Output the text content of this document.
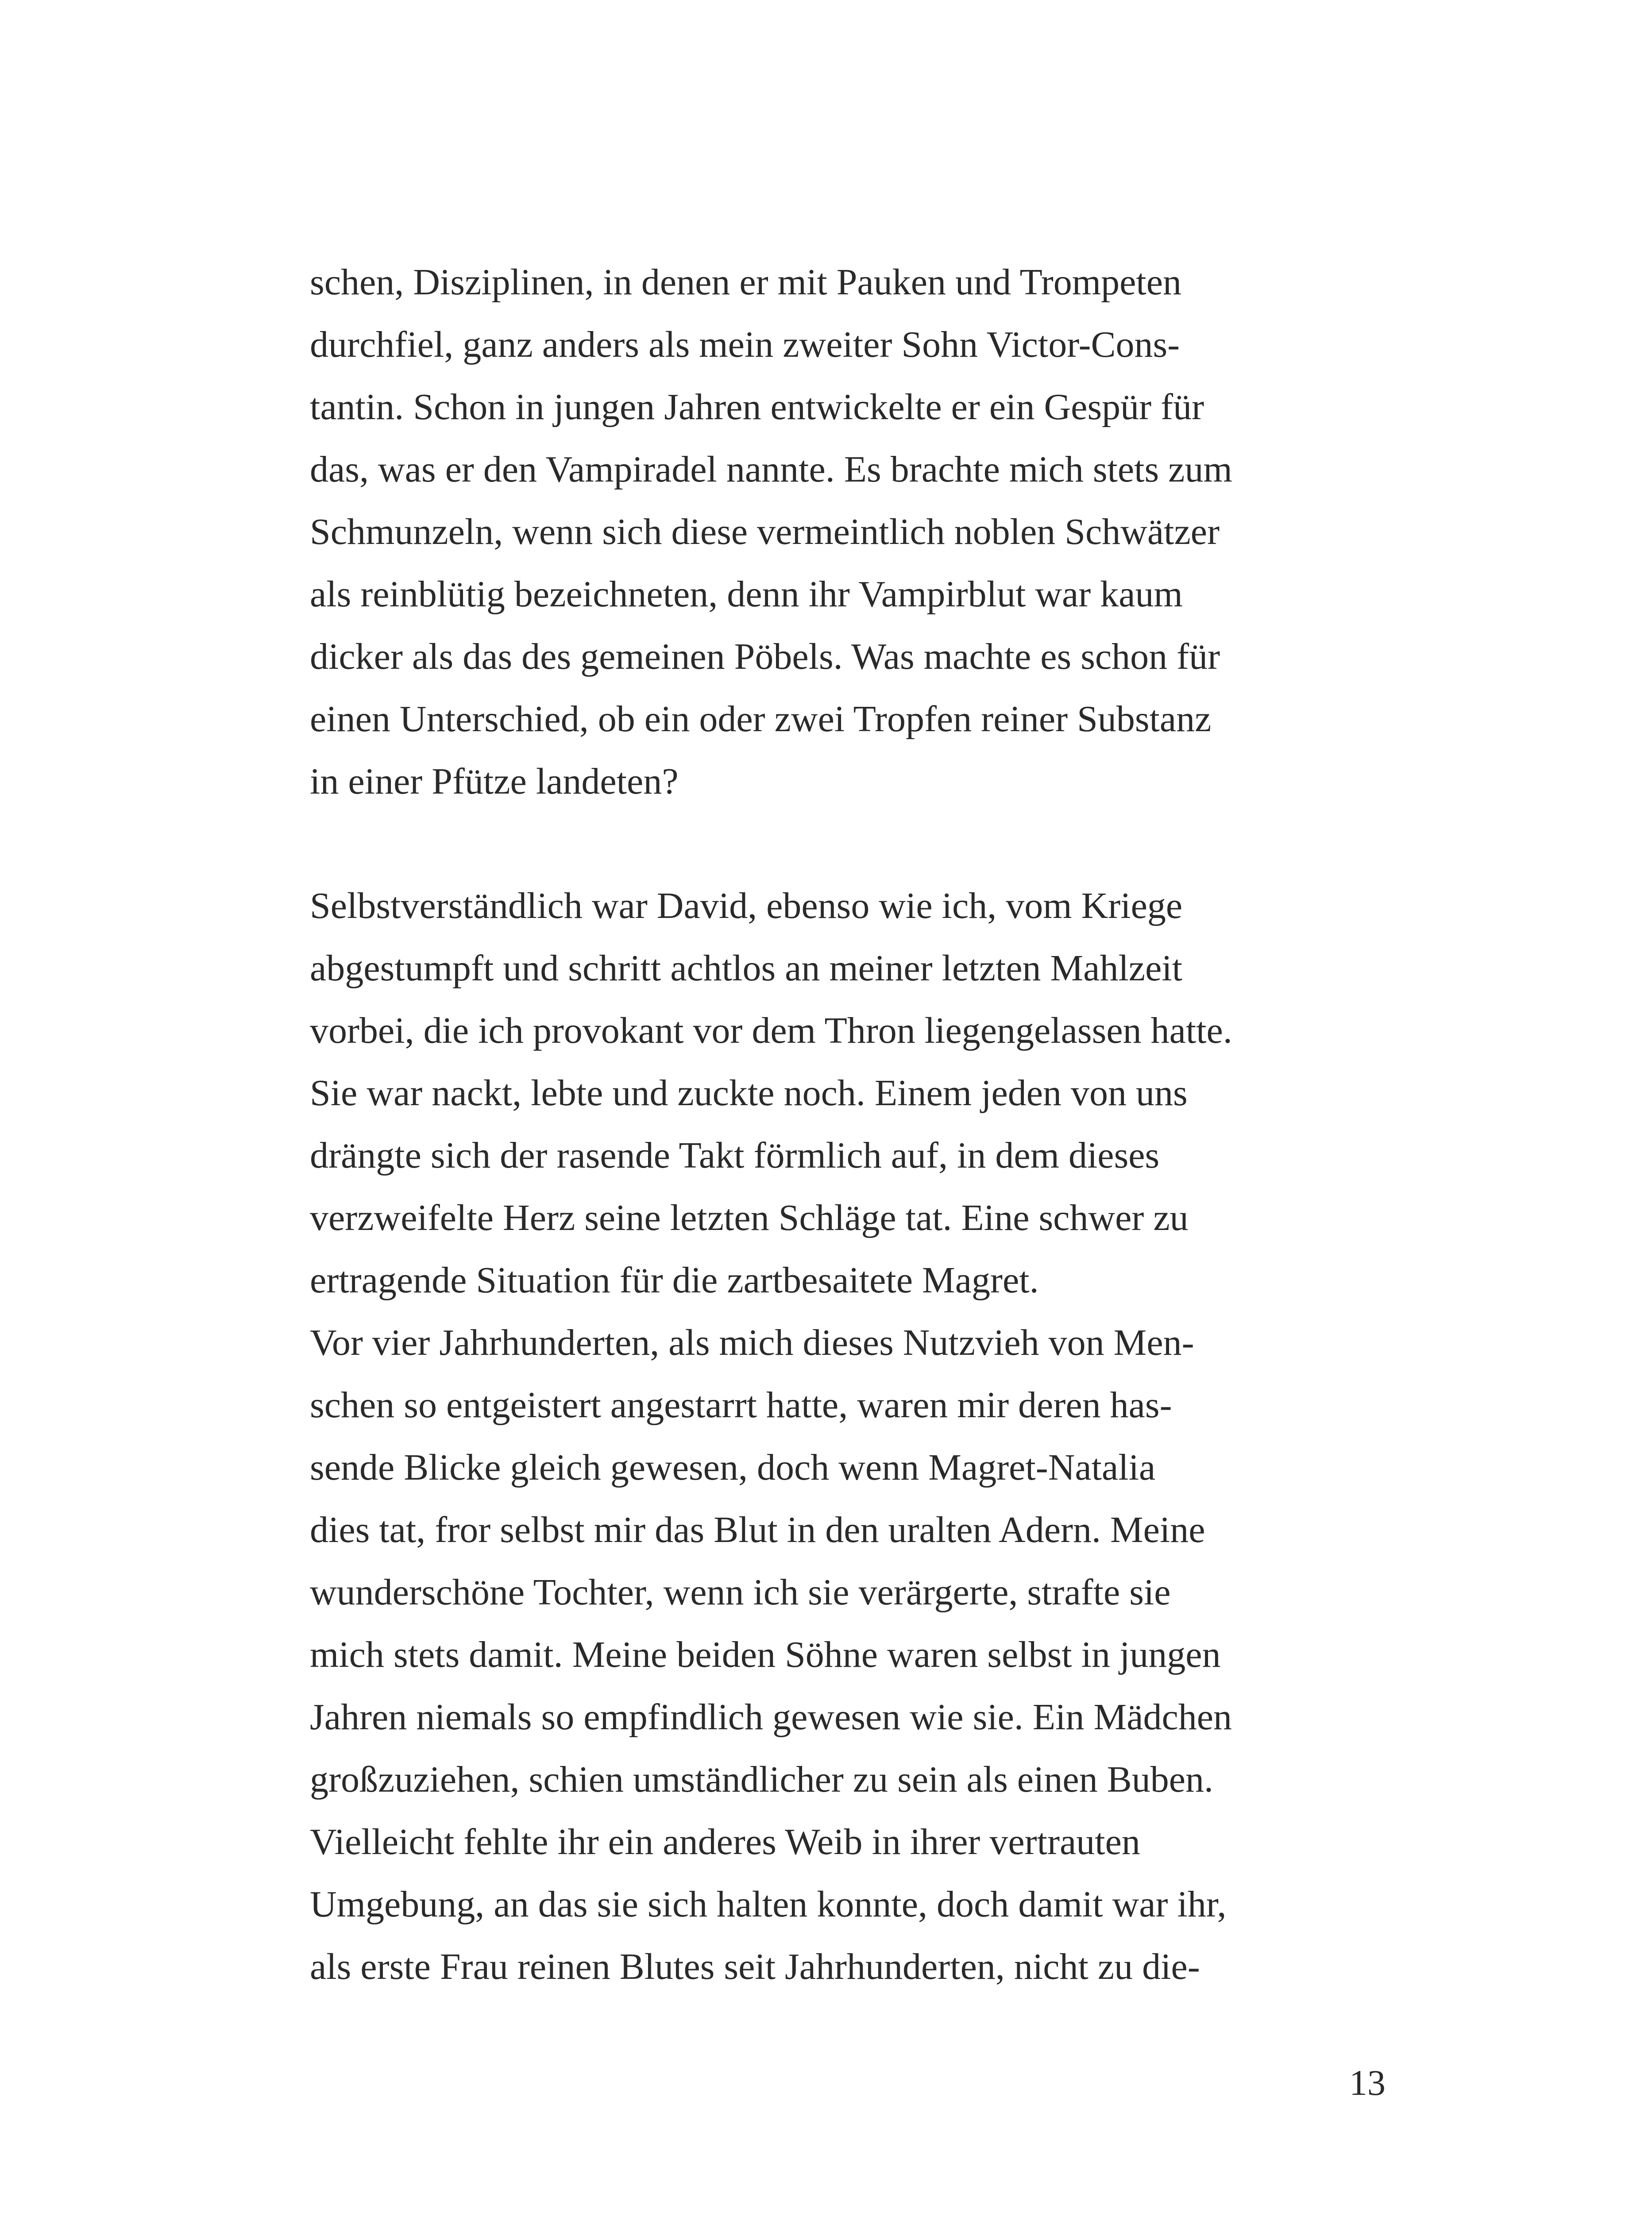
schen, Disziplinen, in denen er mit Pauken und Trompeten
durchfiel, ganz anders als mein zweiter Sohn Victor-Cons-
tantin. Schon in jungen Jahren entwickelte er ein Gespür für
das, was er den Vampiradel nannte. Es brachte mich stets zum
Schmunzeln, wenn sich diese vermeintlich noblen Schwätzer
als reinblütig bezeichneten, denn ihr Vampirblut war kaum
dicker als das des gemeinen Pöbels. Was machte es schon für
einen Unterschied, ob ein oder zwei Tropfen reiner Substanz
in einer Pfütze landeten?
Selbstverständlich war David, ebenso wie ich, vom Kriege
abgestumpft und schritt achtlos an meiner letzten Mahlzeit
vorbei, die ich provokant vor dem Thron liegengelassen hatte.
Sie war nackt, lebte und zuckte noch. Einem jeden von uns
drängte sich der rasende Takt förmlich auf, in dem dieses
verzweifelte Herz seine letzten Schläge tat. Eine schwer zu
ertragende Situation für die zartbesaitete Magret.
Vor vier Jahrhunderten, als mich dieses Nutzvieh von Men-
schen so entgeistert angestarrt hatte, waren mir deren has-
sende Blicke gleich gewesen, doch wenn Magret-Natalia
dies tat, fror selbst mir das Blut in den uralten Adern. Meine
wunderschöne Tochter, wenn ich sie verärgerte, strafte sie
mich stets damit. Meine beiden Söhne waren selbst in jungen
Jahren niemals so empfindlich gewesen wie sie. Ein Mädchen
großzuziehen, schien umständlicher zu sein als einen Buben.
Vielleicht fehlte ihr ein anderes Weib in ihrer vertrauten
Umgebung, an das sie sich halten konnte, doch damit war ihr,
als erste Frau reinen Blutes seit Jahrhunderten, nicht zu die-
13
